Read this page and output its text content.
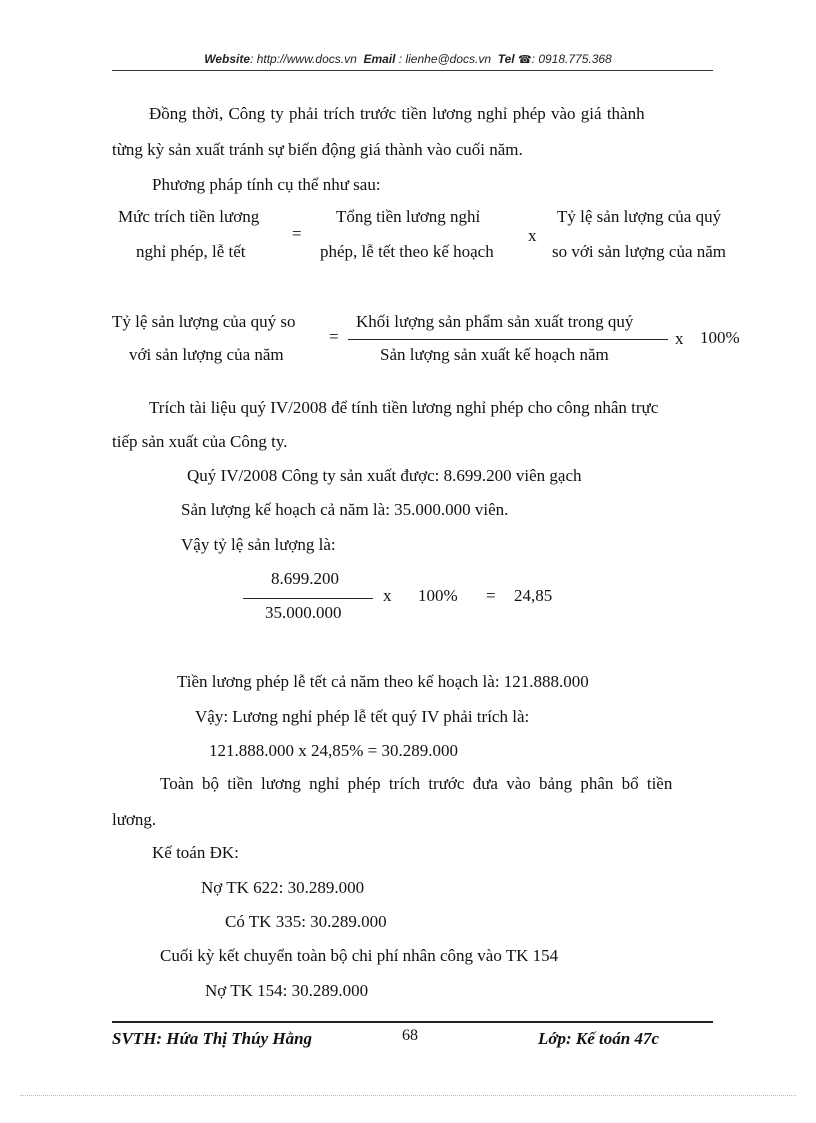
Website: http://www.docs.vn Email : lienhe@docs.vn Tel ☎: 0918.775.368
Đồng thời, Công ty phải trích trước tiền lương nghỉ phép vào giá thành
từng kỳ sản xuất tránh sự biến động giá thành vào cuối năm.
Phương pháp tính cụ thể như sau:
Mức trích tiền lương
nghỉ phép, lễ tết
=
Tổng tiền lương nghỉ
phép, lễ tết theo kế hoạch
x
Tỷ lệ sản lượng của quý
so với sản lượng của năm
Tỷ lệ sản lượng của quý so
với sản lượng của năm
=
Khối lượng sản phẩm sản xuất trong quý
Sản lượng sản xuất kế hoạch năm
x 100%
Trích tài liệu quý IV/2008 để tính tiền lương nghỉ phép cho công nhân trực
tiếp sản xuất của Công ty.
Quý IV/2008 Công ty sản xuất được: 8.699.200 viên gạch
Sản lượng kế hoạch cả năm là: 35.000.000 viên.
Vậy tỷ lệ sản lượng là:
8.699.200
35.000.000
x 100% = 24,85
Tiền lương phép lễ tết cả năm theo kế hoạch là: 121.888.000
Vậy: Lương nghỉ phép lễ tết quý IV phải trích là:
121.888.000 x 24,85% = 30.289.000
Toàn bộ tiền lương nghỉ phép trích trước đưa vào bảng phân bổ tiền
lương.
Kế toán ĐK:
Nợ TK 622: 30.289.000
Có TK 335: 30.289.000
Cuối kỳ kết chuyển toàn bộ chi phí nhân công vào TK 154
Nợ TK 154: 30.289.000
SVTH: Hứa Thị Thúy Hằng	68	Lớp: Kế toán 47c
